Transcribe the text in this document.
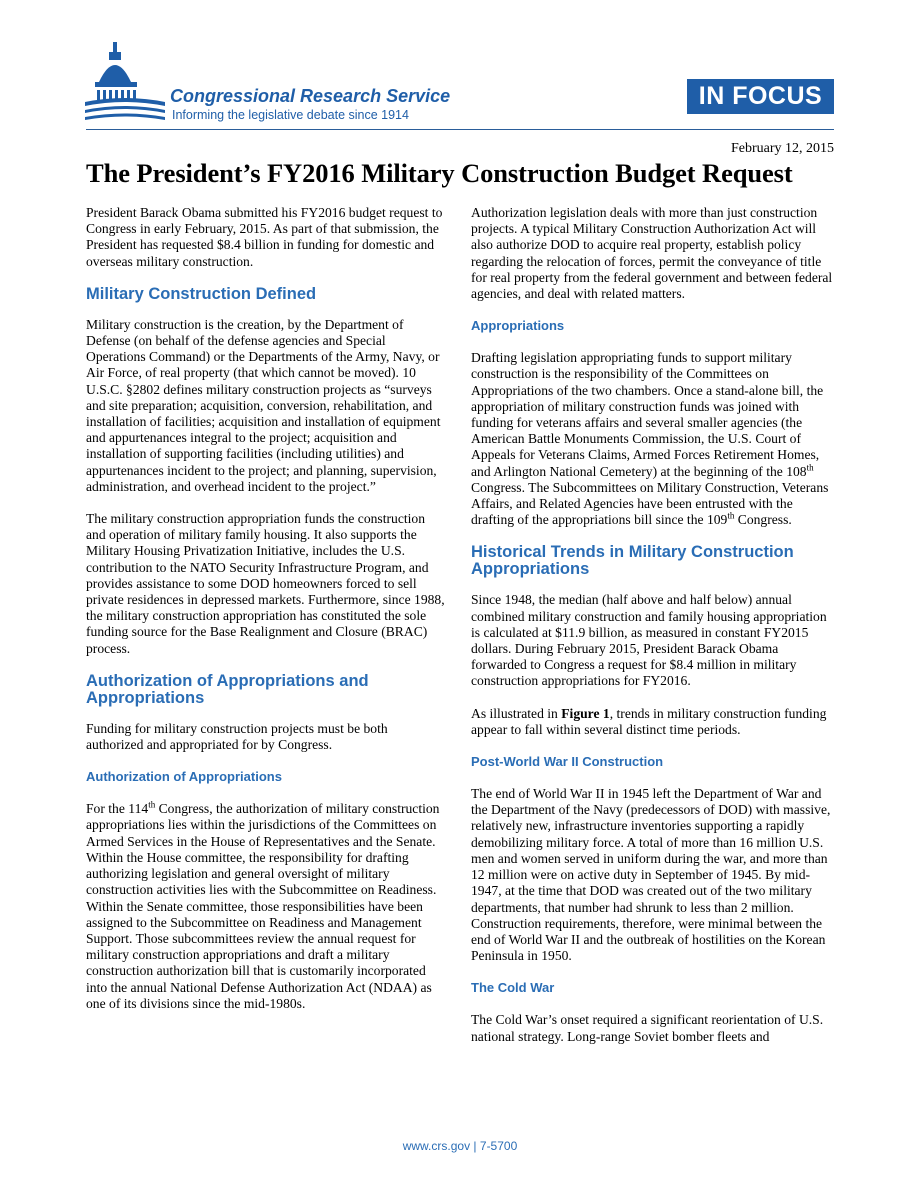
Congressional Research Service
Informing the legislative debate since 1914
IN FOCUS
February 12, 2015
The President’s FY2016 Military Construction Budget Request

President Barack Obama submitted his FY2016 budget request to Congress in early February, 2015. As part of that submission, the President has requested $8.4 billion in funding for domestic and overseas military construction.

Military Construction Defined

Military construction is the creation, by the Department of Defense (on behalf of the defense agencies and Special Operations Command) or the Departments of the Army, Navy, or Air Force, of real property (that which cannot be moved). 10 U.S.C. §2802 defines military construction projects as “surveys and site preparation; acquisition, conversion, rehabilitation, and installation of facilities; acquisition and installation of equipment and appurtenances integral to the project; acquisition and installation of supporting facilities (including utilities) and appurtenances incident to the project; and planning, supervision, administration, and overhead incident to the project.”

The military construction appropriation funds the construction and operation of military family housing. It also supports the Military Housing Privatization Initiative, includes the U.S. contribution to the NATO Security Infrastructure Program, and provides assistance to some DOD homeowners forced to sell private residences in depressed markets. Furthermore, since 1988, the military construction appropriation has constituted the sole funding source for the Base Realignment and Closure (BRAC) process.

Authorization of Appropriations and Appropriations

Funding for military construction projects must be both authorized and appropriated for by Congress.

Authorization of Appropriations

For the 114th Congress, the authorization of military construction appropriations lies within the jurisdictions of the Committees on Armed Services in the House of Representatives and the Senate. Within the House committee, the responsibility for drafting authorizing legislation and general oversight of military construction activities lies with the Subcommittee on Readiness. Within the Senate committee, those responsibilities have been assigned to the Subcommittee on Readiness and Management Support. Those subcommittees review the annual request for military construction appropriations and draft a military construction authorization bill that is customarily incorporated into the annual National Defense Authorization Act (NDAA) as one of its divisions since the mid-1980s.

Authorization legislation deals with more than just construction projects. A typical Military Construction Authorization Act will also authorize DOD to acquire real property, establish policy regarding the relocation of forces, permit the conveyance of title for real property from the federal government and between federal agencies, and deal with related matters.

Appropriations

Drafting legislation appropriating funds to support military construction is the responsibility of the Committees on Appropriations of the two chambers. Once a stand-alone bill, the appropriation of military construction funds was joined with funding for veterans affairs and several smaller agencies (the American Battle Monuments Commission, the U.S. Court of Appeals for Veterans Claims, Armed Forces Retirement Homes, and Arlington National Cemetery) at the beginning of the 108th Congress. The Subcommittees on Military Construction, Veterans Affairs, and Related Agencies have been entrusted with the drafting of the appropriations bill since the 109th Congress.

Historical Trends in Military Construction Appropriations

Since 1948, the median (half above and half below) annual combined military construction and family housing appropriation is calculated at $11.9 billion, as measured in constant FY2015 dollars. During February 2015, President Barack Obama forwarded to Congress a request for $8.4 million in military construction appropriations for FY2016.

As illustrated in Figure 1, trends in military construction funding appear to fall within several distinct time periods.

Post-World War II Construction

The end of World War II in 1945 left the Department of War and the Department of the Navy (predecessors of DOD) with massive, relatively new, infrastructure inventories supporting a rapidly demobilizing military force. A total of more than 16 million U.S. men and women served in uniform during the war, and more than 12 million were on active duty in September of 1945. By mid-1947, at the time that DOD was created out of the two military departments, that number had shrunk to less than 2 million. Construction requirements, therefore, were minimal between the end of World War II and the outbreak of hostilities on the Korean Peninsula in 1950.

The Cold War

The Cold War’s onset required a significant reorientation of U.S. national strategy. Long-range Soviet bomber fleets and

www.crs.gov | 7-5700
